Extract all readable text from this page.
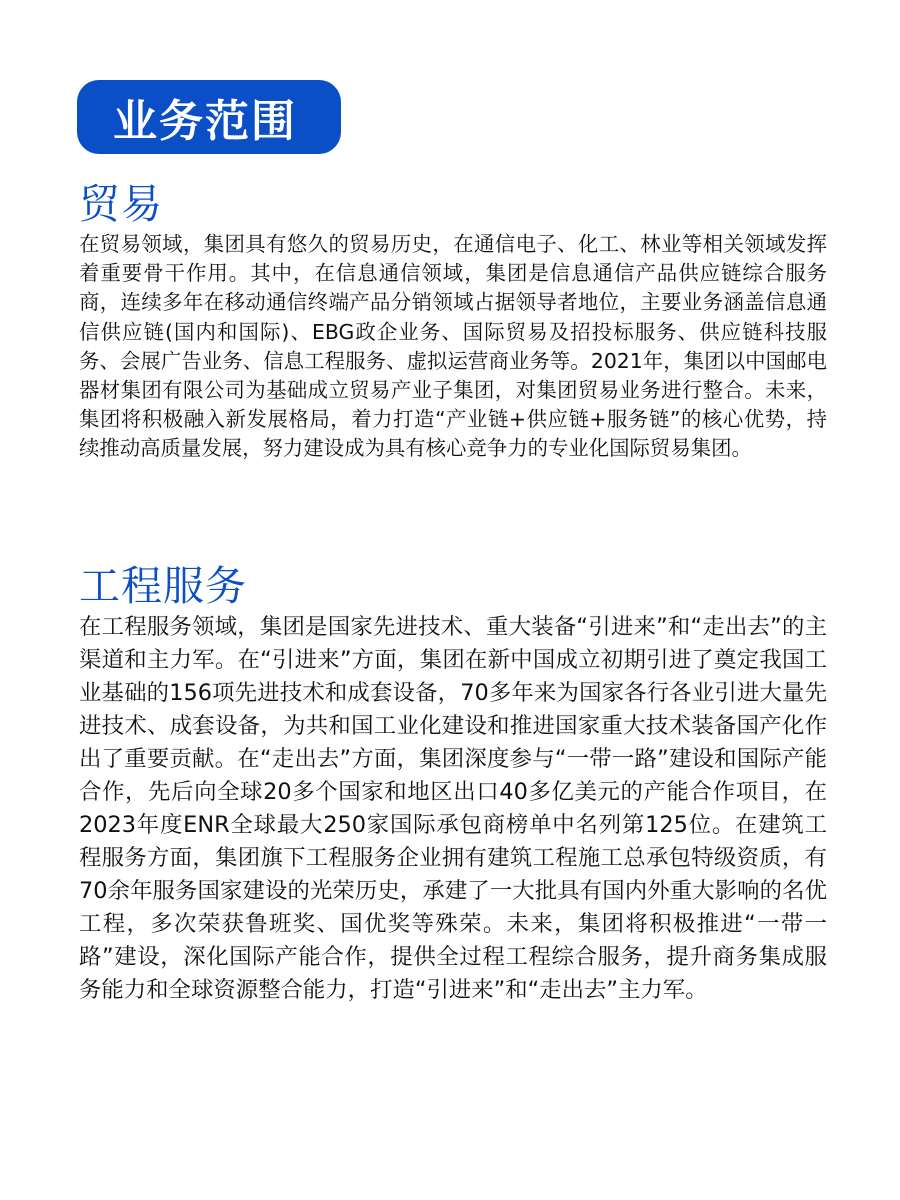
业务范围
贸易

在贸易领域，集团具有悠久的贸易历史，在通信电子、化工、林业等相关领域发挥着重要骨干作用。其中，在信息通信领域，集团是信息通信产品供应链综合服务商，连续多年在移动通信终端产品分销领域占据领导者地位，主要业务涵盖信息通信供应链(国内和国际)、EBG政企业务、国际贸易及招投标服务、供应链科技服务、会展广告业务、信息工程服务、虚拟运营商业务等。2021年，集团以中国邮电器材集团有限公司为基础成立贸易产业子集团，对集团贸易业务进行整合。未来，集团将积极融入新发展格局，着力打造“产业链+供应链+服务链”的核心优势，持续推动高质量发展，努力建设成为具有核心竞争力的专业化国际贸易集团。

工程服务

在工程服务领域，集团是国家先进技术、重大装备“引进来”和“走出去”的主渠道和主力军。在“引进来”方面，集团在新中国成立初期引进了奠定我国工业基础的156项先进技术和成套设备，70多年来为国家各行各业引进大量先进技术、成套设备，为共和国工业化建设和推进国家重大技术装备国产化作出了重要贡献。在“走出去”方面，集团深度参与“一带一路”建设和国际产能合作，先后向全球20多个国家和地区出口40多亿美元的产能合作项目，在2023年度ENR全球最大250家国际承包商榜单中名列第125位。在建筑工程服务方面，集团旗下工程服务企业拥有建筑工程施工总承包特级资质，有70余年服务国家建设的光荣历史，承建了一大批具有国内外重大影响的名优工程，多次荣获鲁班奖、国优奖等殊荣。未来，集团将积极推进“一带一路”建设，深化国际产能合作，提供全过程工程综合服务，提升商务集成服务能力和全球资源整合能力，打造“引进来”和“走出去”主力军。
